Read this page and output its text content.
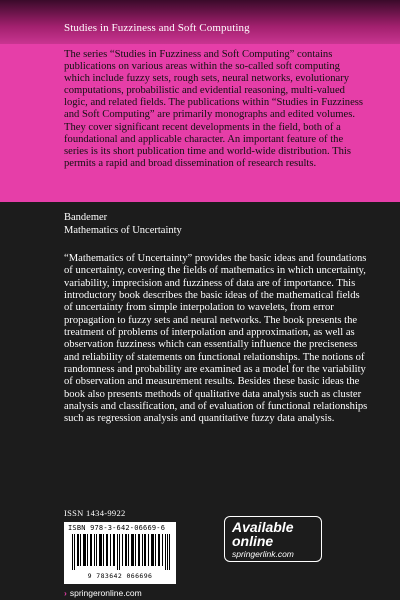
Studies in Fuzziness and Soft Computing
The series “Studies in Fuzziness and Soft Computing” contains publications on various areas within the so-called soft computing which include fuzzy sets, rough sets, neural networks, evolutionary computations, probabilistic and evidential reasoning, multi-valued logic, and related fields. The publications within “Studies in Fuzziness and Soft Computing” are primarily monographs and edited volumes. They cover significant recent developments in the field, both of a foundational and applicable character. An important feature of the series is its short publication time and world-wide distribution. This permits a rapid and broad dissemination of research results.
Bandemer
Mathematics of Uncertainty
“Mathematics of Uncertainty” provides the basic ideas and foundations of uncertainty, covering the fields of mathematics in which uncertainty, variability, imprecision and fuzziness of data are of importance. This introductory book describes the basic ideas of the mathematical fields of uncertainty from simple interpolation to wavelets, from error propagation to fuzzy sets and neural networks. The book presents the treatment of problems of interpolation and approximation, as well as observation fuzziness which can essentially influence the preciseness and reliability of statements on functional relationships. The notions of randomness and probability are examined as a model for the variability of observation and measurement results. Besides these basic ideas the book also presents methods of qualitative data analysis such as cluster analysis and classification, and of evaluation of functional relationships such as regression analysis and quantitative fuzzy data analysis.
ISSN 1434-9922
ISBN 978-3-642-06669-6
9 783642 066696
› springeronline.com
Available
online
springerlink.com
